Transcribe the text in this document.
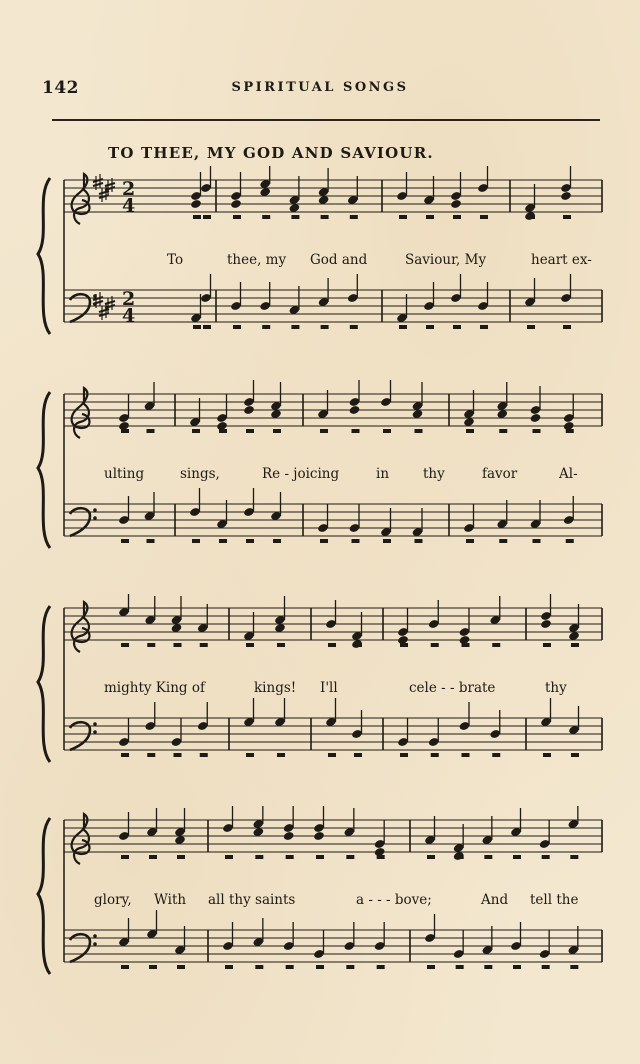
142	SPIRITUAL SONGS
TO THEE, MY GOD AND SAVIOUR.
2
4
2
4
To	thee, my God and	Saviour, My	heart ex-
ulting	sings,	Re - joicing	in	thy	favor	Al-
mighty King of	kings! I'll	cele - - brate	thy
glory, With all thy saints	a - - - bove;	And tell the
